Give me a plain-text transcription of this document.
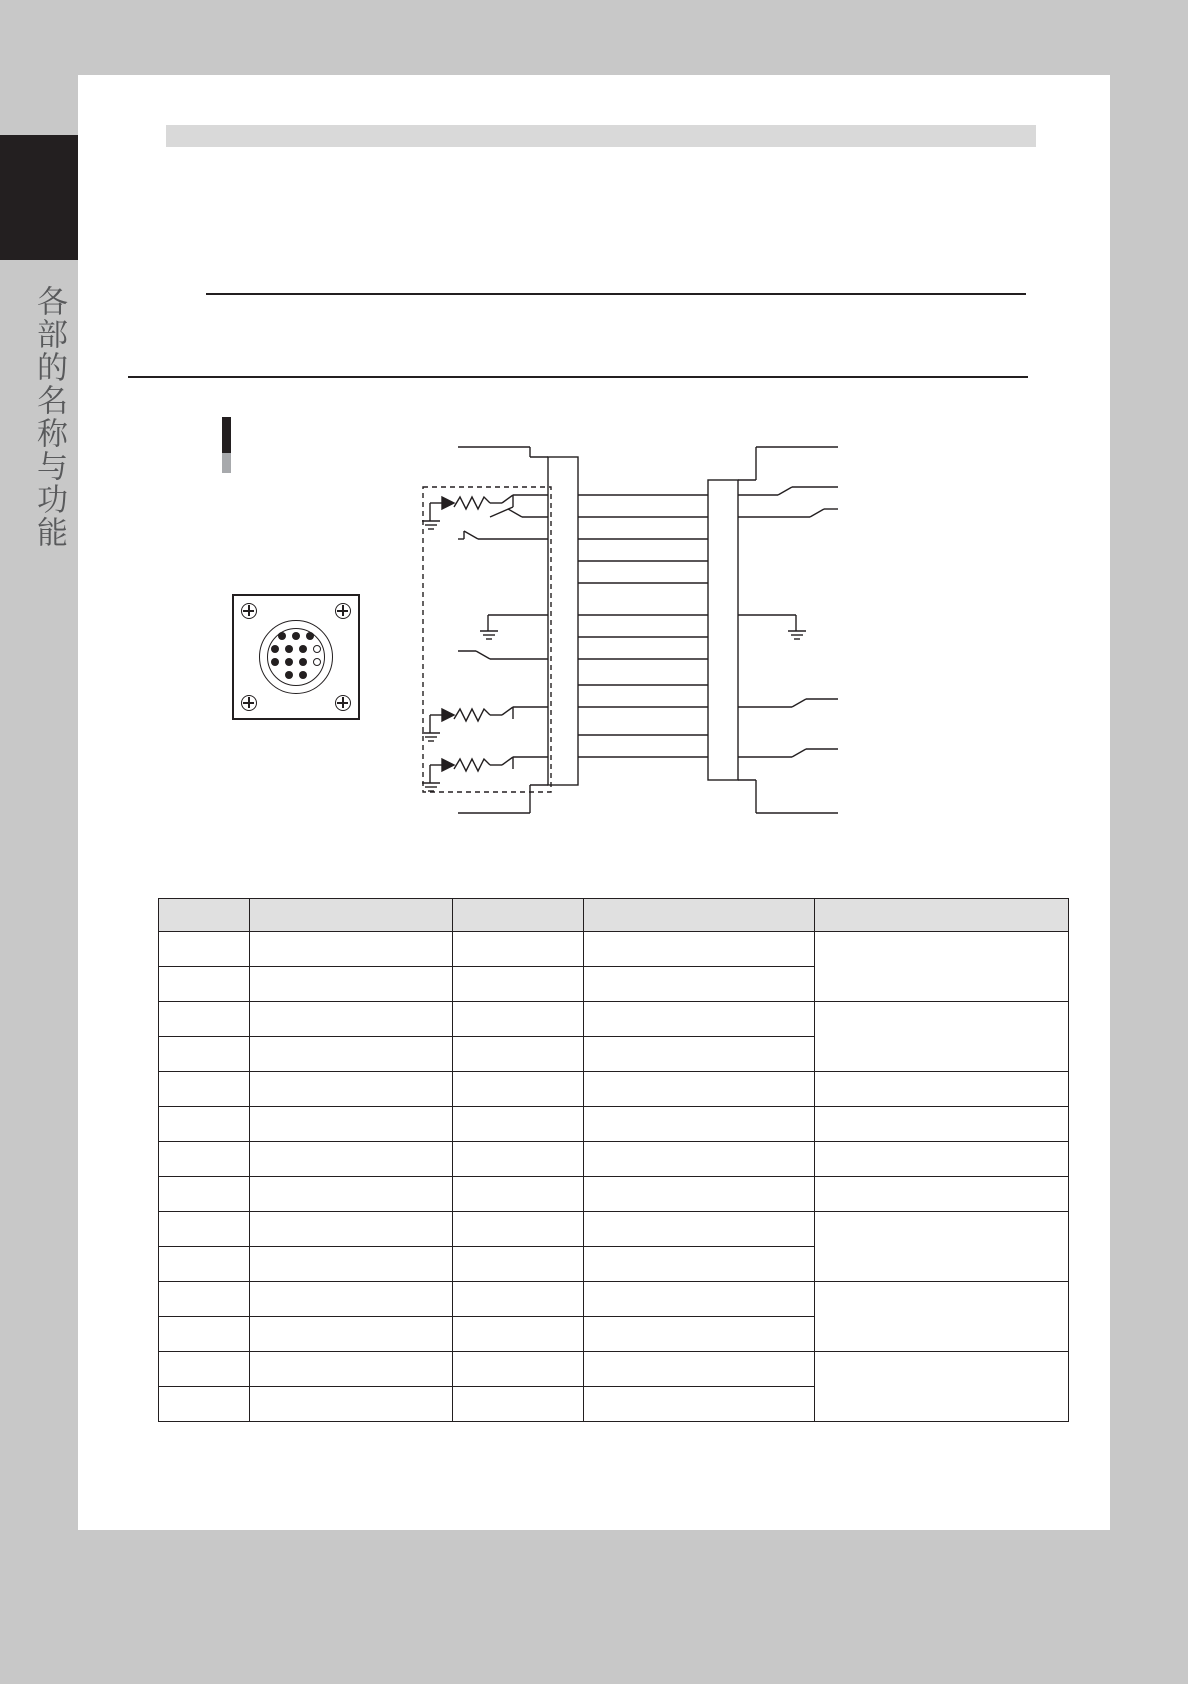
各部的名称与功能
